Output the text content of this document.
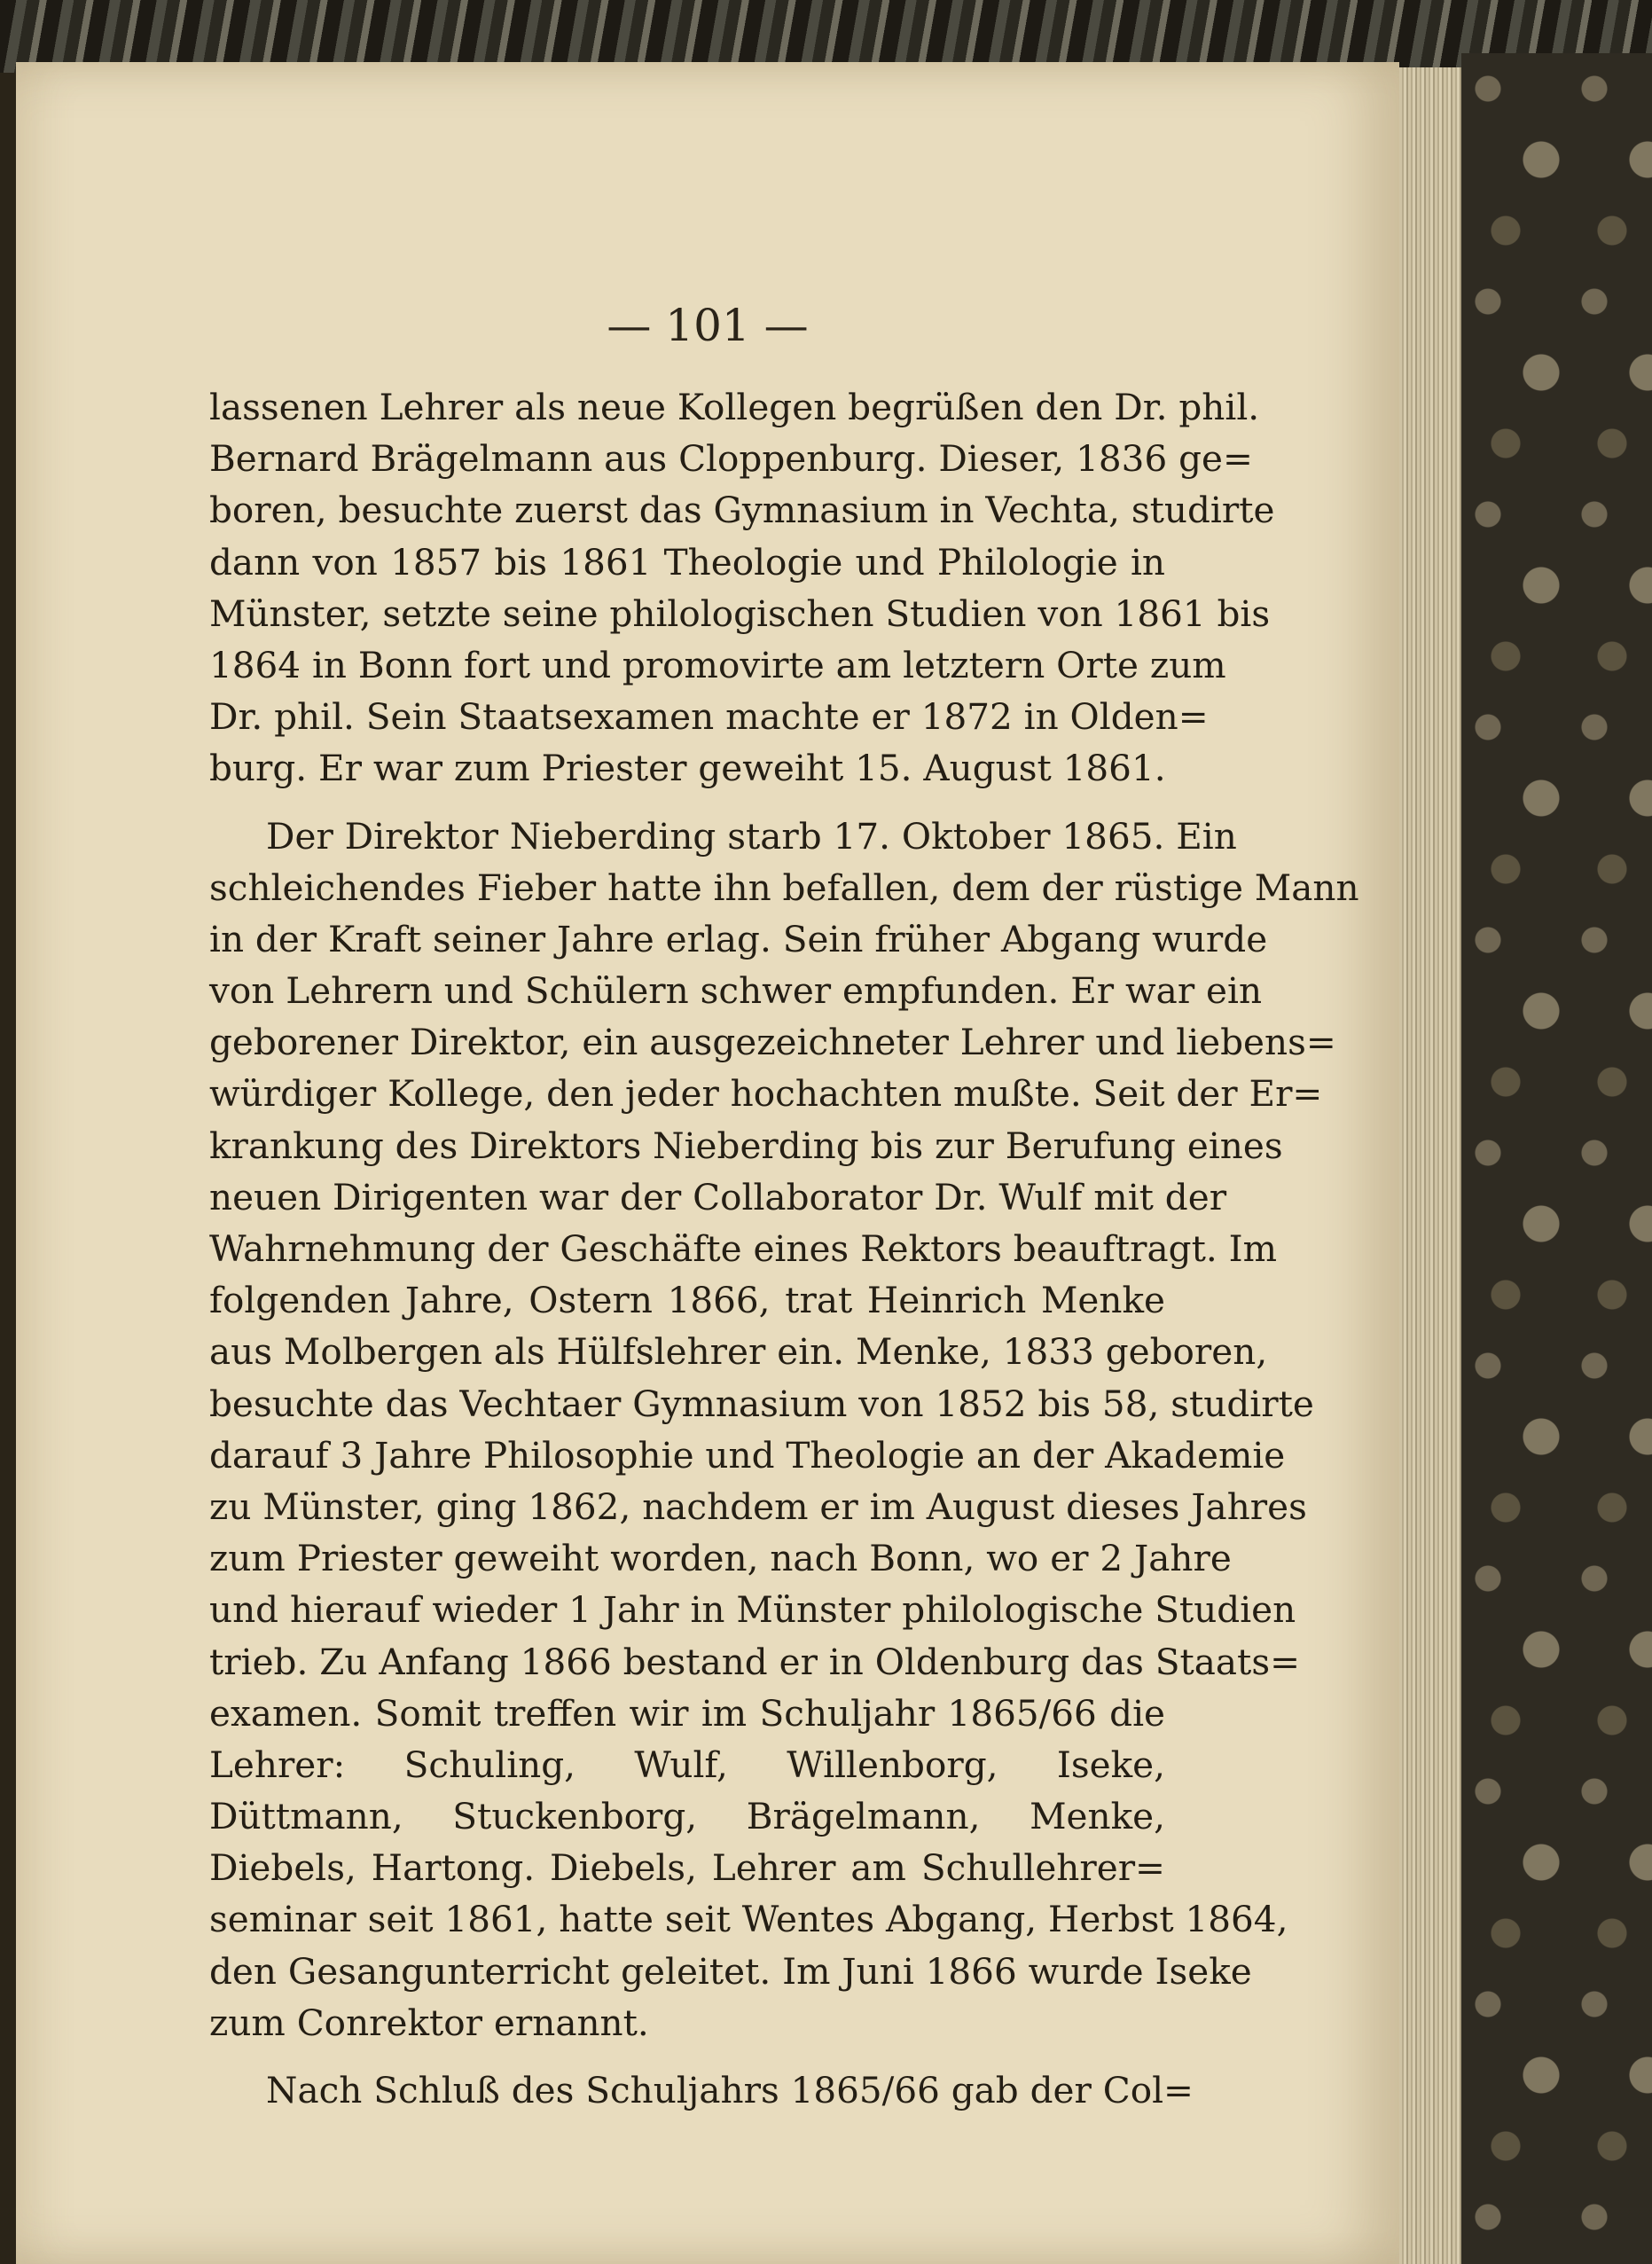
— 101 —
lassenen Lehrer als neue Kollegen begrüßen den Dr. phil.
Bernard Brägelmann aus Cloppenburg. Dieser, 1836 ge=
boren, besuchte zuerst das Gymnasium in Vechta, studirte
dann von 1857 bis 1861 Theologie und Philologie in
Münster, setzte seine philologischen Studien von 1861 bis
1864 in Bonn fort und promovirte am letztern Orte zum
Dr. phil. Sein Staatsexamen machte er 1872 in Olden=
burg. Er war zum Priester geweiht 15. August 1861.
Der Direktor Nieberding starb 17. Oktober 1865. Ein
schleichendes Fieber hatte ihn befallen, dem der rüstige Mann
in der Kraft seiner Jahre erlag. Sein früher Abgang wurde
von Lehrern und Schülern schwer empfunden. Er war ein
geborener Direktor, ein ausgezeichneter Lehrer und liebens=
würdiger Kollege, den jeder hochachten mußte. Seit der Er=
krankung des Direktors Nieberding bis zur Berufung eines
neuen Dirigenten war der Collaborator Dr. Wulf mit der
Wahrnehmung der Geschäfte eines Rektors beauftragt. Im
folgenden Jahre, Ostern 1866, trat Heinrich Menke
aus Molbergen als Hülfslehrer ein. Menke, 1833 geboren,
besuchte das Vechtaer Gymnasium von 1852 bis 58, studirte
darauf 3 Jahre Philosophie und Theologie an der Akademie
zu Münster, ging 1862, nachdem er im August dieses Jahres
zum Priester geweiht worden, nach Bonn, wo er 2 Jahre
und hierauf wieder 1 Jahr in Münster philologische Studien
trieb. Zu Anfang 1866 bestand er in Oldenburg das Staats=
examen. Somit treffen wir im Schuljahr 1865/66 die
Lehrer: Schuling, Wulf, Willenborg, Iseke,
Düttmann, Stuckenborg, Brägelmann, Menke,
Diebels, Hartong. Diebels, Lehrer am Schullehrer=
seminar seit 1861, hatte seit Wentes Abgang, Herbst 1864,
den Gesangunterricht geleitet. Im Juni 1866 wurde Iseke
zum Conrektor ernannt.
Nach Schluß des Schuljahrs 1865/66 gab der Col=
